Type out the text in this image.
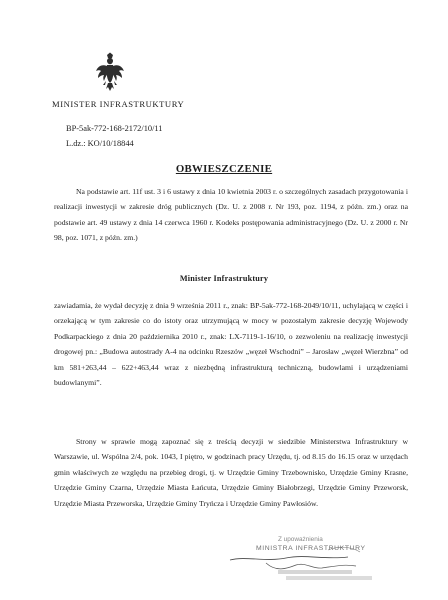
MINISTER INFRASTRUKTURY
BP-5ak-772-168-2172/10/11
L.dz.: KO/10/18844
OBWIESZCZENIE

Na podstawie art. 11f ust. 3 i 6 ustawy z dnia 10 kwietnia 2003 r. o szczególnych zasadach przygotowania i realizacji inwestycji w zakresie dróg publicznych (Dz. U. z 2008 r. Nr 193, poz. 1194, z późn. zm.) oraz na podstawie art. 49 ustawy z dnia 14 czerwca 1960 r. Kodeks postępowania administracyjnego (Dz. U. z 2000 r. Nr 98, poz. 1071, z późn. zm.)

Minister Infrastruktury

zawiadamia, że wydał decyzję z dnia 9 września 2011 r., znak: BP-5ak-772-168-2049/10/11, uchylającą w części i orzekającą w tym zakresie co do istoty oraz utrzymującą w mocy w pozostałym zakresie decyzję Wojewody Podkarpackiego z dnia 20 października 2010 r., znak: LX-7119-1-16/10, o zezwoleniu na realizację inwestycji drogowej pn.: „Budowa autostrady A-4 na odcinku Rzeszów „węzeł Wschodni” – Jarosław „węzeł Wierzbna” od km 581+263,44 – 622+463,44 wraz z niezbędną infrastrukturą techniczną, budowlami i urządzeniami budowlanymi”.

Strony w sprawie mogą zapoznać się z treścią decyzji w siedzibie Ministerstwa Infrastruktury w Warszawie, ul. Wspólna 2/4, pok. 1043, I piętro, w godzinach pracy Urzędu, tj. od 8.15 do 16.15 oraz w urzędach gmin właściwych ze względu na przebieg drogi, tj. w Urzędzie Gminy Trzebownisko, Urzędzie Gminy Krasne, Urzędzie Gminy Czarna, Urzędzie Miasta Łańcuta, Urzędzie Gminy Białobrzegi, Urzędzie Gminy Przeworsk, Urzędzie Miasta Przeworska, Urzędzie Gminy Tryńcza i Urzędzie Gminy Pawłosiów.

Z upoważnienia
MINISTRA INFRASTRUKTURY
